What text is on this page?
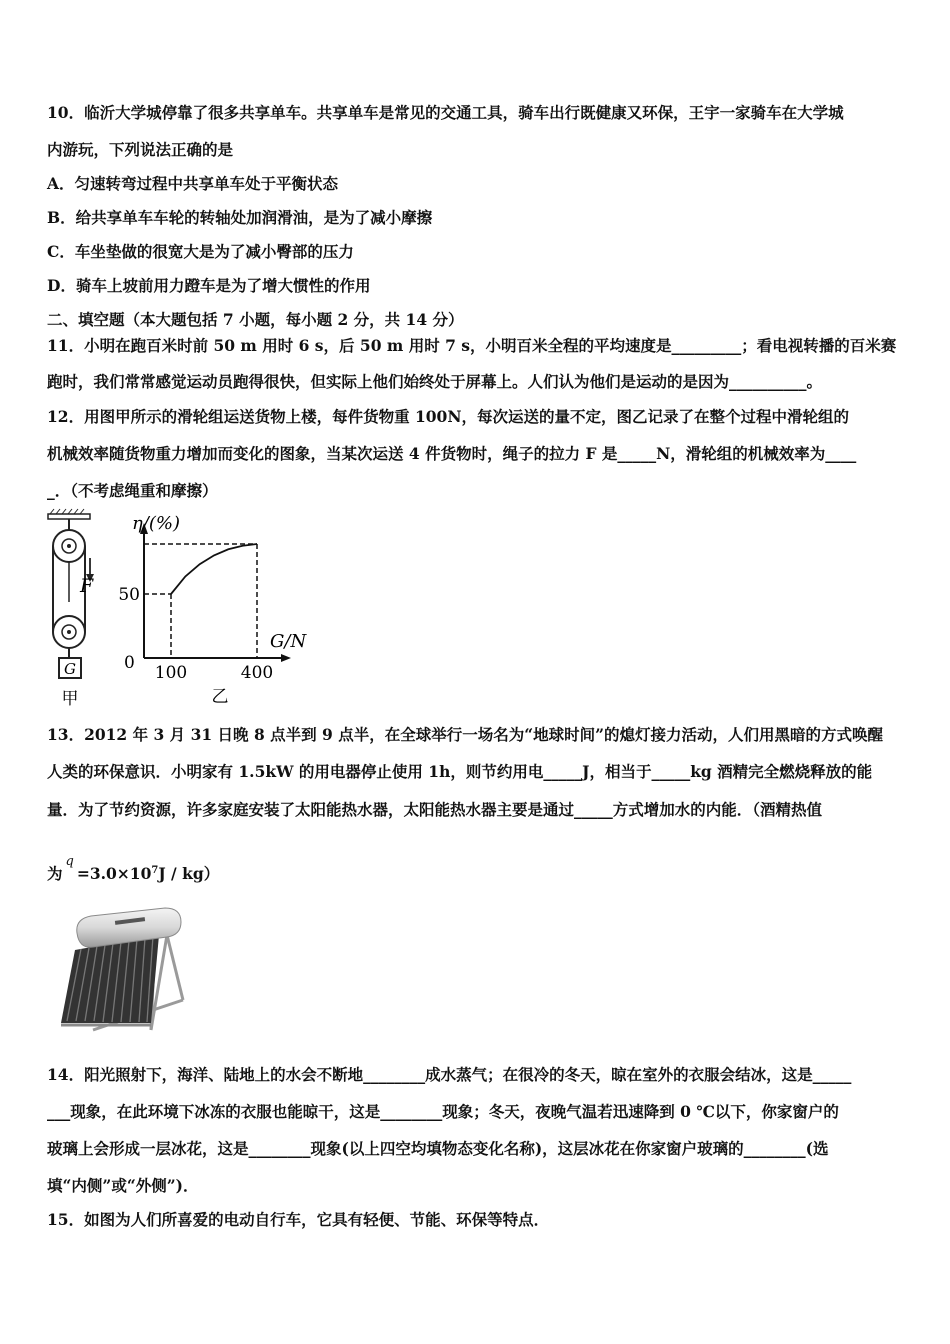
10．临沂大学城停靠了很多共享单车。共享单车是常见的交通工具，骑车出行既健康又环保，王宇一家骑车在大学城
内游玩，下列说法正确的是
A．匀速转弯过程中共享单车处于平衡状态
B．给共享单车车轮的转轴处加润滑油，是为了减小摩擦
C．车坐垫做的很宽大是为了减小臀部的压力
D．骑车上坡前用力蹬车是为了增大惯性的作用
二、填空题（本大题包括 7 小题，每小题 2 分，共 14 分）
11．小明在跑百米时前 50 m 用时 6 s，后 50 m 用时 7 s，小明百米全程的平均速度是_________；看电视转播的百米赛
跑时，我们常常感觉运动员跑得很快，但实际上他们始终处于屏幕上。人们认为他们是运动的是因为__________。
12．用图甲所示的滑轮组运送货物上楼，每件货物重 100N，每次运送的量不定，图乙记录了在整个过程中滑轮组的
机械效率随货物重力增加而变化的图象，当某次运送 4 件货物时，绳子的拉力 F 是_____N，滑轮组的机械效率为____
_．（不考虑绳重和摩擦）
F
G
甲
η/(%)
G/N
0 100	400
50
乙
13．2012 年 3 月 31 日晚 8 点半到 9 点半，在全球举行一场名为“地球时间”的熄灯接力活动，人们用黑暗的方式唤醒
人类的环保意识．小明家有 1.5kW 的用电器停止使用 1h，则节约用电_____J，相当于_____kg 酒精完全燃烧释放的能
量．为了节约资源，许多家庭安装了太阳能热水器，太阳能热水器主要是通过_____方式增加水的内能．（酒精热值
为$^q=3.0\times 10^7J / kg$）
14．阳光照射下，海洋、陆地上的水会不断地________成水蒸气；在很冷的冬天，晾在室外的衣服会结冰，这是_____
___现象，在此环境下冰冻的衣服也能晾干，这是________现象；冬天，夜晚气温若迅速降到 0 ℃以下，你家窗户的
玻璃上会形成一层冰花，这是________现象(以上四空均填物态变化名称)，这层冰花在你家窗户玻璃的________(选
填“内侧”或“外侧”)．
15．如图为人们所喜爱的电动自行车，它具有轻便、节能、环保等特点．
